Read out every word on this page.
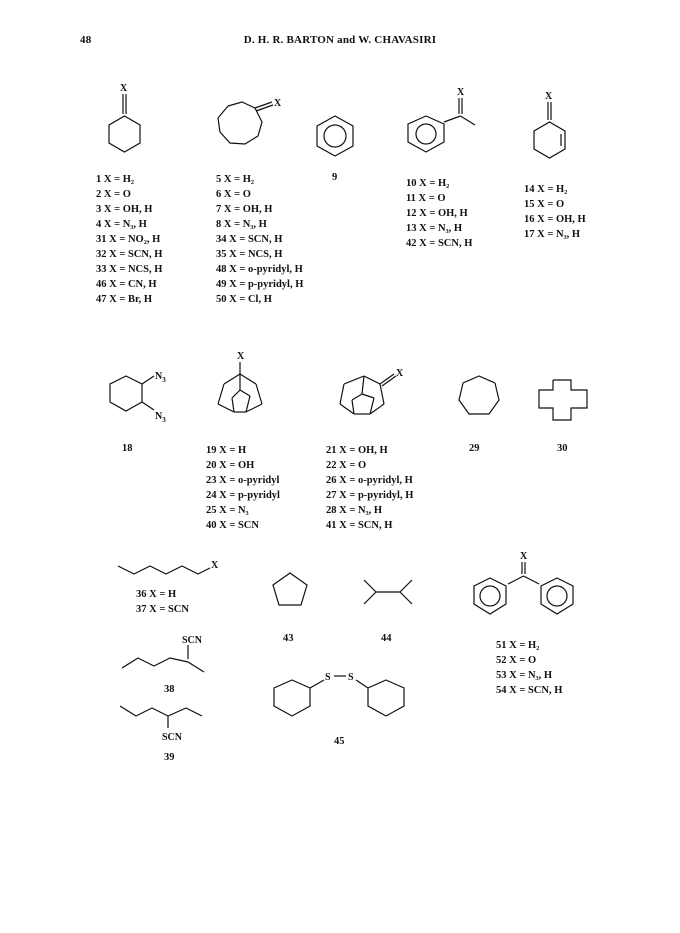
48	D. H. R. BARTON and W. CHAVASIRI
X
X
X	X
1 X = H₂
2 X = O
3 X = OH, H
4 X = N₃, H
31 X = NO₂, H
32 X = SCN, H
33 X = NCS, H
46 X = CN, H
47 X = Br, H
5 X = H₂
6 X = O
7 X = OH, H
8 X = N₃, H
34 X = SCN, H
35 X = NCS, H
48 X = o-pyridyl, H
49 X = p-pyridyl, H
50 X = Cl, H
9
10 X = H₂
11 X = O
12 X = OH, H
13 X = N₃, H
42 X = SCN, H
14 X = H₂
15 X = O
16 X = OH, H
17 X = N₃, H
$N_3$
$N_3$
X
X
18	19 X = H
20 X = OH
23 X = o-pyridyl
24 X = p-pyridyl
25 X = N₃
40 X = SCN
21 X = OH, H
22 X = O
26 X = o-pyridyl, H
27 X = p-pyridyl, H
28 X = N₃, H
41 X = SCN, H
29	30
X
X
SCN
S S
SCN
36 X = H
37 X = SCN
43	44
51 X = H₂
52 X = O
53 X = N₃, H
54 X = SCN, H
38
45
39
